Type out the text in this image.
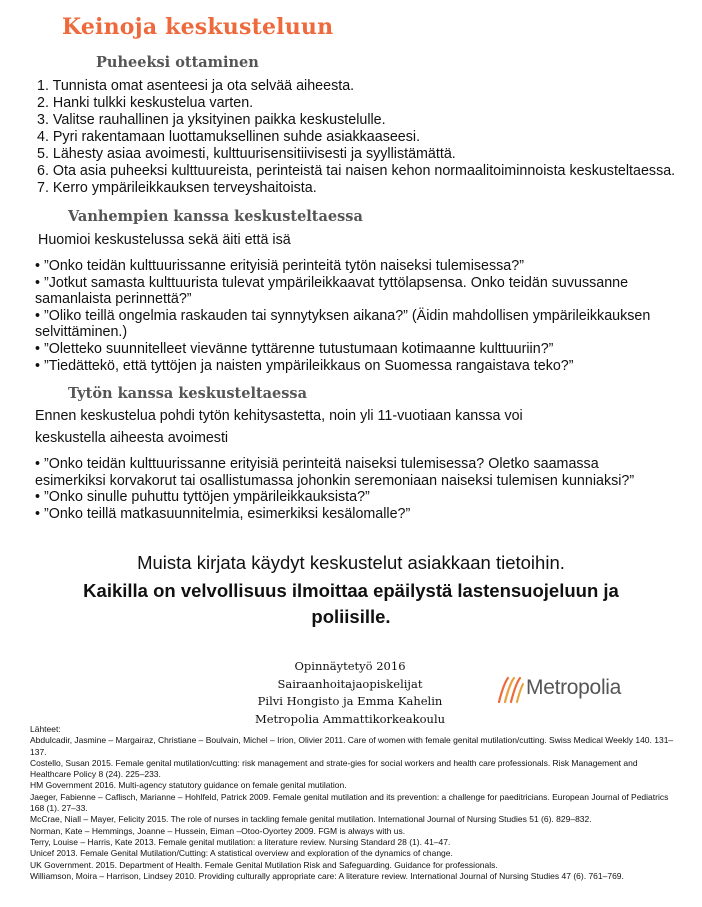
Keinoja keskusteluun
Puheeksi ottaminen
1. Tunnista omat asenteesi ja ota selvää aiheesta.
2. Hanki tulkki keskustelua varten.
3. Valitse rauhallinen ja yksityinen paikka keskustelulle.
4. Pyri rakentamaan luottamuksellinen suhde asiakkaaseesi.
5. Lähesty asiaa avoimesti, kulttuurisensitiivisesti ja syyllistämättä.
6. Ota asia puheeksi kulttuureista, perinteistä tai naisen kehon normaalitoiminnoista keskusteltaessa.
7. Kerro ympärileikkauksen terveyshaitoista.
Vanhempien kanssa keskusteltaessa
Huomioi keskustelussa sekä äiti että isä
• ”Onko teidän kulttuurissanne erityisiä perinteitä tytön naiseksi tulemisessa?”
• ”Jotkut samasta kulttuurista tulevat ympärileikkaavat tyttölapsensa. Onko teidän suvussanne samanlaista perinnettä?”
• ”Oliko teillä ongelmia raskauden tai synnytyksen aikana?” (Äidin mahdollisen ympärileikkauksen selvittäminen.)
• ”Oletteko suunnitelleet vievänne tyttärenne tutustumaan kotimaanne kulttuuriin?”
• ”Tiedättekö, että tyttöjen ja naisten ympärileikkaus on Suomessa rangaistava teko?”
Tytön kanssa keskusteltaessa
Ennen keskustelua pohdi tytön kehitysastetta, noin yli 11-vuotiaan kanssa voi
keskustella aiheesta avoimesti
• ”Onko teidän kulttuurissanne erityisiä perinteitä naiseksi tulemisessa? Oletko saamassa esimerkiksi korvakorut tai osallistumassa johonkin seremoniaan naiseksi tulemisen kunniaksi?”
• ”Onko sinulle puhuttu tyttöjen ympärileikkauksista?”
• ”Onko teillä matkasuunnitelmia, esimerkiksi kesälomalle?”
Muista kirjata käydyt keskustelut asiakkaan tietoihin.
Kaikilla on velvollisuus ilmoittaa epäilystä lastensuojeluun ja
poliisille.
Opinnäytetyö 2016
Sairaanhoitajaopiskelijat
Pilvi Hongisto ja Emma Kahelin
Metropolia Ammattikorkeakoulu
Metropolia

Lähteet:

Abdulcadir, Jasmine – Margairaz, Christiane – Boulvain, Michel – Irion, Olivier 2011. Care of women with female genital mutilation/cutting. Swiss Medical Weekly 140. 131–137.

Costello, Susan 2015. Female genital mutilation/cutting: risk management and strate-gies for social workers and health care professionals. Risk Management and Healthcare Policy 8 (24). 225–233.

HM Government 2016. Multi-agency statutory guidance on female genital mutilation.

Jaeger, Fabienne – Caflisch, Marianne – Hohlfeld, Patrick 2009. Female genital mutilation and its prevention: a challenge for paeditricians. European Journal of Pediatrics 168 (1). 27–33.

McCrae, Niall – Mayer, Felicity 2015. The role of nurses in tackling female genital mutilation. International Journal of Nursing Studies 51 (6). 829–832.

Norman, Kate – Hemmings, Joanne – Hussein, Eiman –Otoo-Oyortey 2009. FGM is always with us.

Terry, Louise – Harris, Kate 2013. Female genital mutilation: a literature review. Nursing Standard 28 (1). 41–47.

Unicef 2013. Female Genital Mutilation/Cutting: A statistical overview and exploration of the dynamics of change.

UK Government. 2015. Department of Health. Female Genital Mutilation Risk and Safeguarding. Guidance for professionals.

Williamson, Moira – Harrison, Lindsey 2010. Providing culturally appropriate care: A literature review. International Journal of Nursing Studies 47 (6). 761–769.
